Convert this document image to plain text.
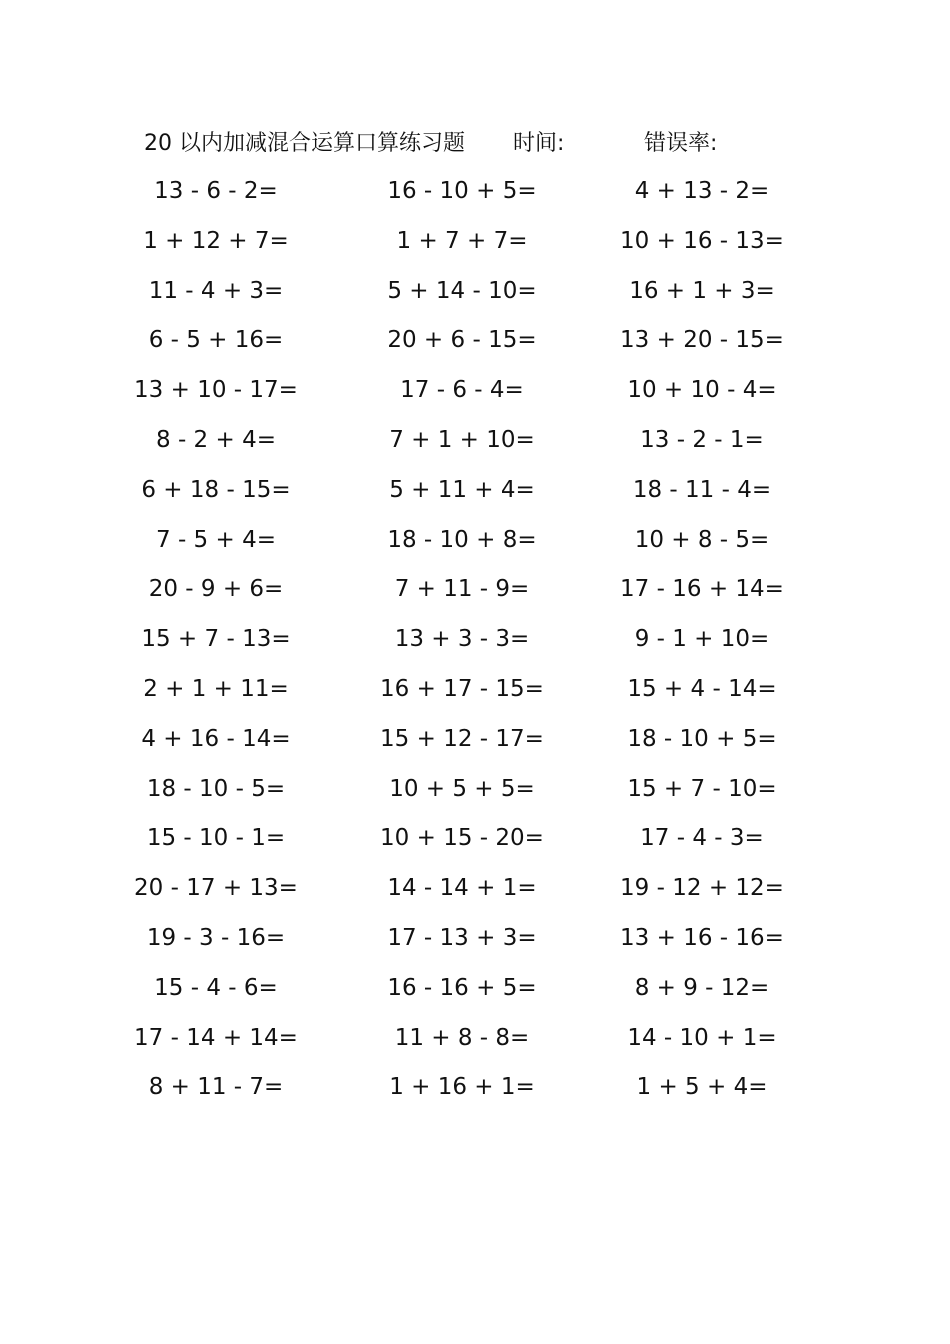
20 以内加减混合运算口算练习题 时间:	错误率:
13 - 6 - 2=	16 - 10 + 5=	4 + 13 - 2=
1 + 12 + 7=	1 + 7 + 7=	10 + 16 - 13=
11 - 4 + 3=	5 + 14 - 10=	16 + 1 + 3=
6 - 5 + 16=	20 + 6 - 15=	13 + 20 - 15=
13 + 10 - 17=	17 - 6 - 4=	10 + 10 - 4=
8 - 2 + 4=	7 + 1 + 10=	13 - 2 - 1=
6 + 18 - 15=	5 + 11 + 4=	18 - 11 - 4=
7 - 5 + 4=	18 - 10 + 8=	10 + 8 - 5=
20 - 9 + 6=	7 + 11 - 9=	17 - 16 + 14=
15 + 7 - 13=	13 + 3 - 3=	9 - 1 + 10=
2 + 1 + 11=	16 + 17 - 15=	15 + 4 - 14=
4 + 16 - 14=	15 + 12 - 17=	18 - 10 + 5=
18 - 10 - 5=	10 + 5 + 5=	15 + 7 - 10=
15 - 10 - 1=	10 + 15 - 20=	17 - 4 - 3=
20 - 17 + 13=	14 - 14 + 1=	19 - 12 + 12=
19 - 3 - 16=	17 - 13 + 3=	13 + 16 - 16=
15 - 4 - 6=	16 - 16 + 5=	8 + 9 - 12=
17 - 14 + 14=	11 + 8 - 8=	14 - 10 + 1=
8 + 11 - 7=	1 + 16 + 1=	1 + 5 + 4=
